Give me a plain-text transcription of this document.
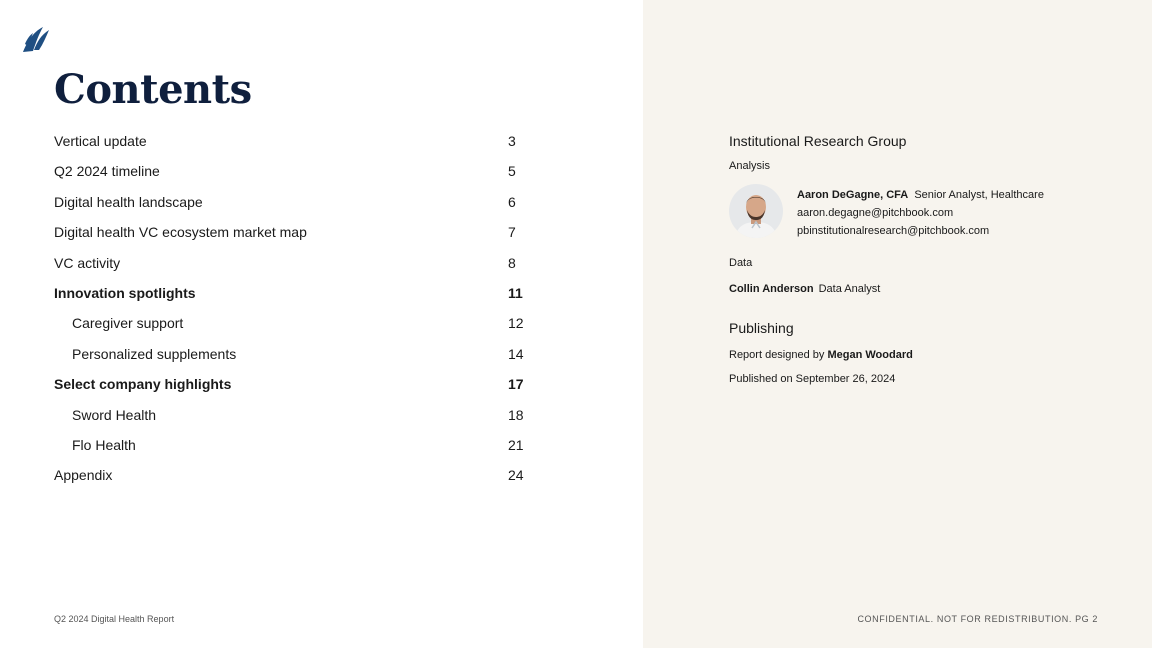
Contents
Vertical update	3
Q2 2024 timeline	5
Digital health landscape	6
Digital health VC ecosystem market map	7
VC activity	8
Innovation spotlights	11
Caregiver support	12
Personalized supplements	14
Select company highlights	17
Sword Health	18
Flo Health	21
Appendix	24
Q2 2024 Digital Health Report
Institutional Research Group
Analysis
Aaron DeGagne, CFA Senior Analyst, Healthcare
aaron.degagne@pitchbook.com
pbinstitutionalresearch@pitchbook.com
Data
Collin Anderson Data Analyst
Publishing
Report designed by Megan Woodard
Published on September 26, 2024
CONFIDENTIAL. NOT FOR REDISTRIBUTION. PG 2
